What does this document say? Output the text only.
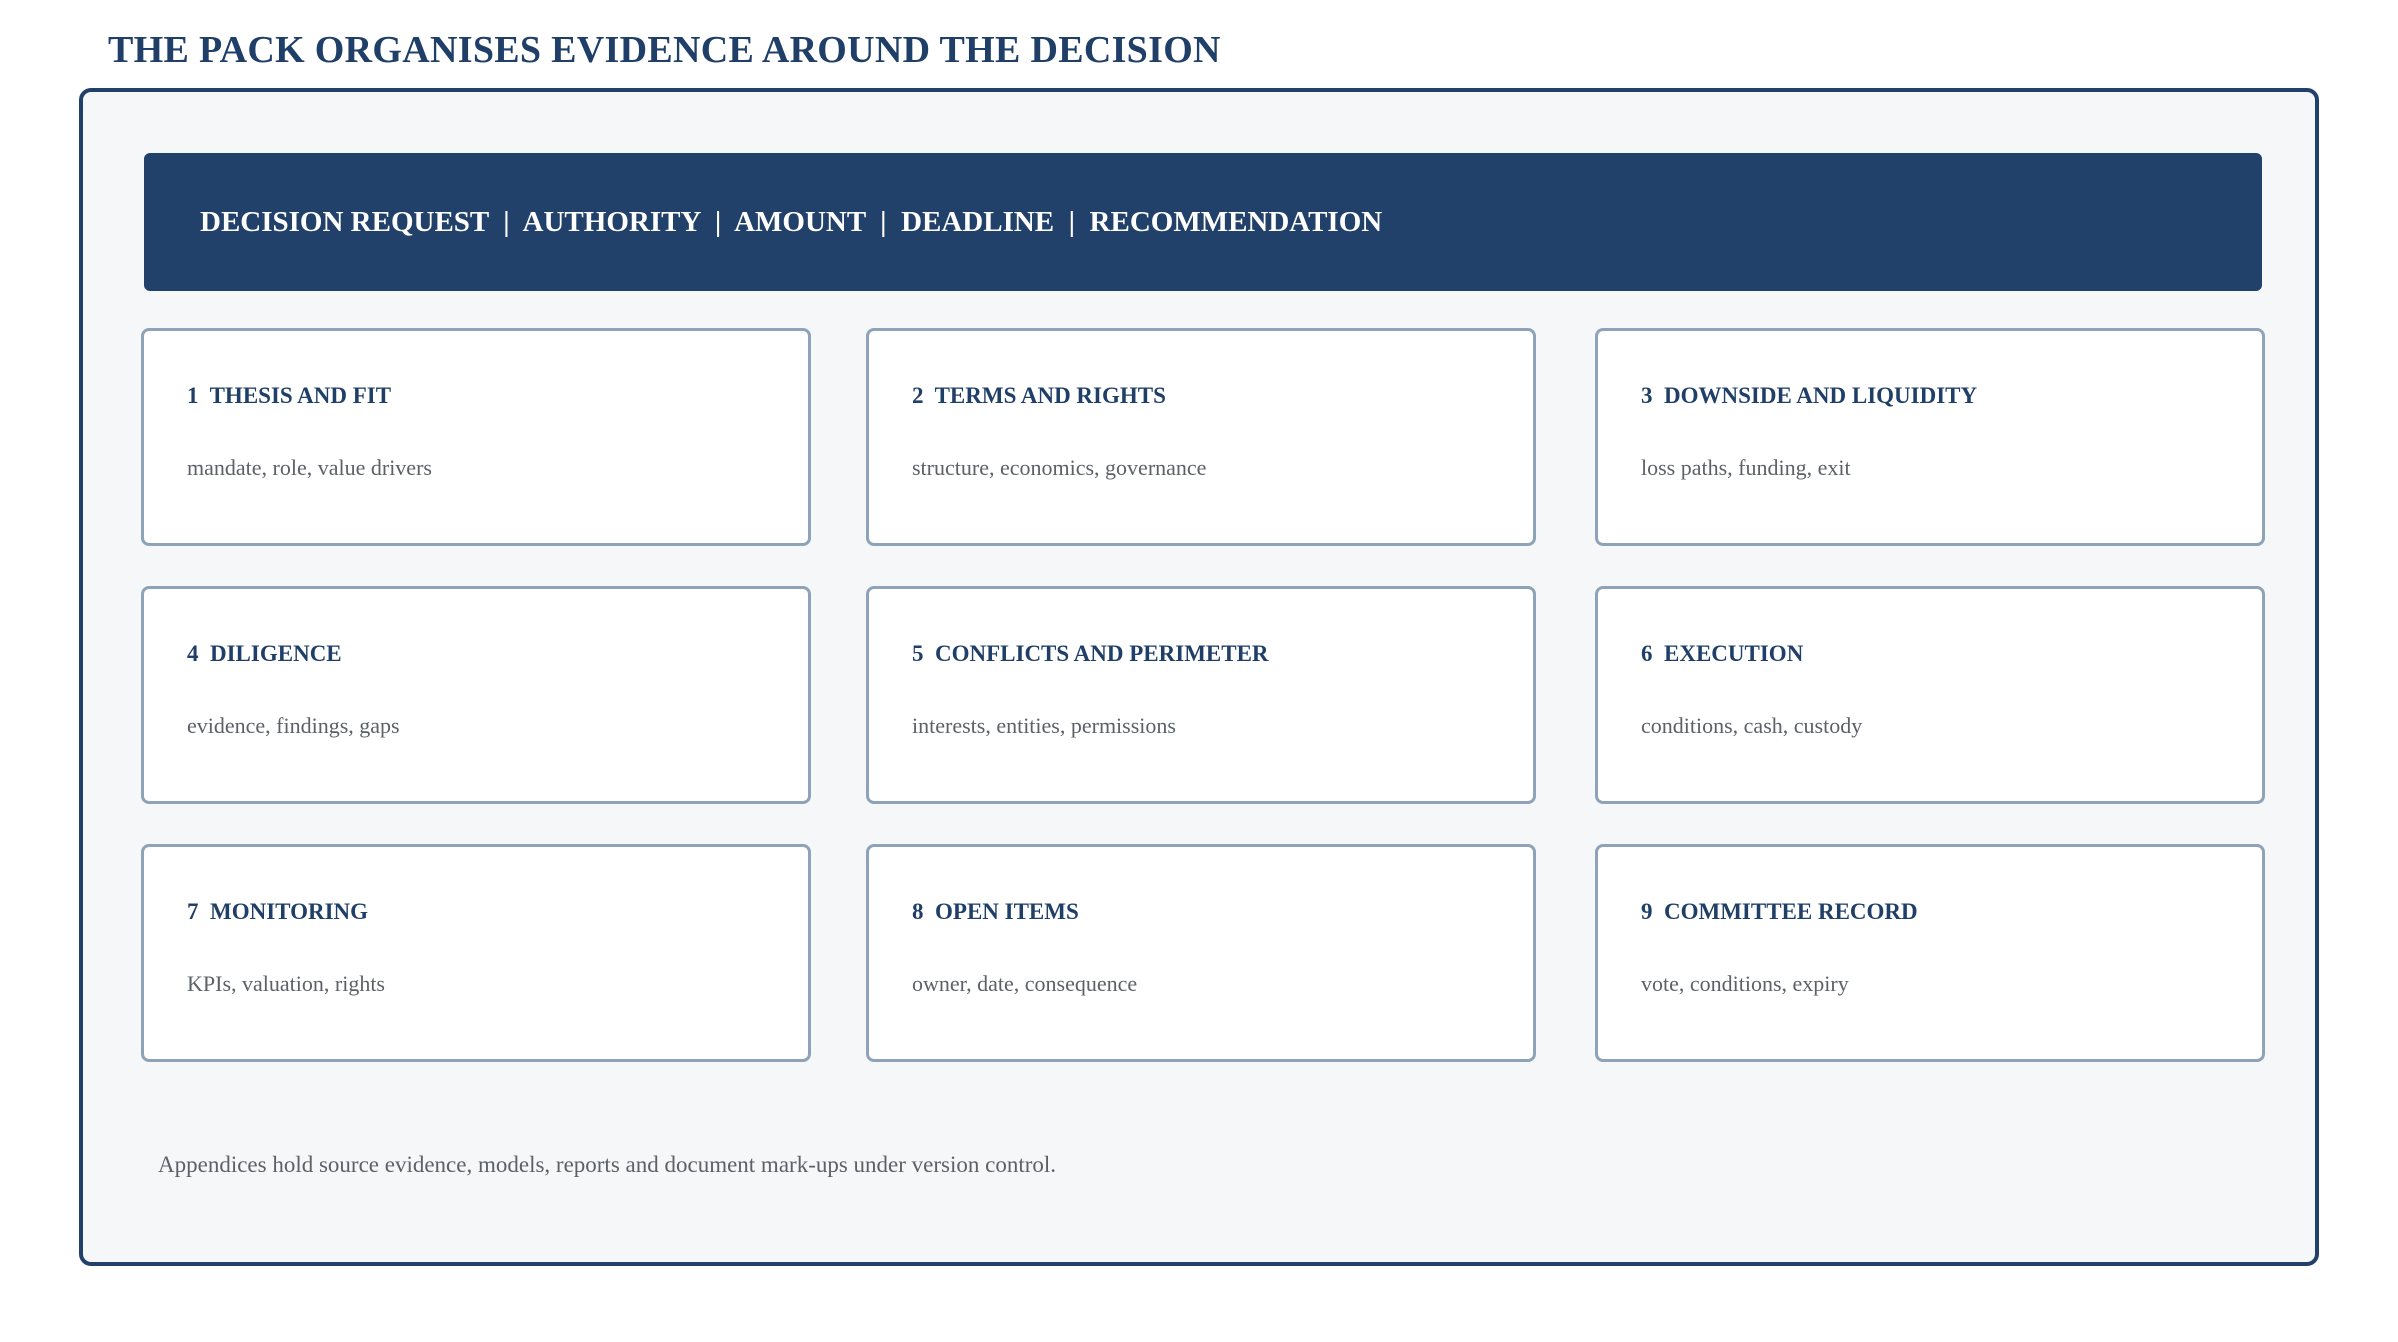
THE PACK ORGANISES EVIDENCE AROUND THE DECISION
DECISION REQUEST  |  AUTHORITY  |  AMOUNT  |  DEADLINE  |  RECOMMENDATION
1  THESIS AND FIT
mandate, role, value drivers
2  TERMS AND RIGHTS
structure, economics, governance
3  DOWNSIDE AND LIQUIDITY
loss paths, funding, exit
4  DILIGENCE
evidence, findings, gaps
5  CONFLICTS AND PERIMETER
interests, entities, permissions
6  EXECUTION
conditions, cash, custody
7  MONITORING
KPIs, valuation, rights
8  OPEN ITEMS
owner, date, consequence
9  COMMITTEE RECORD
vote, conditions, expiry
Appendices hold source evidence, models, reports and document mark-ups under version control.
